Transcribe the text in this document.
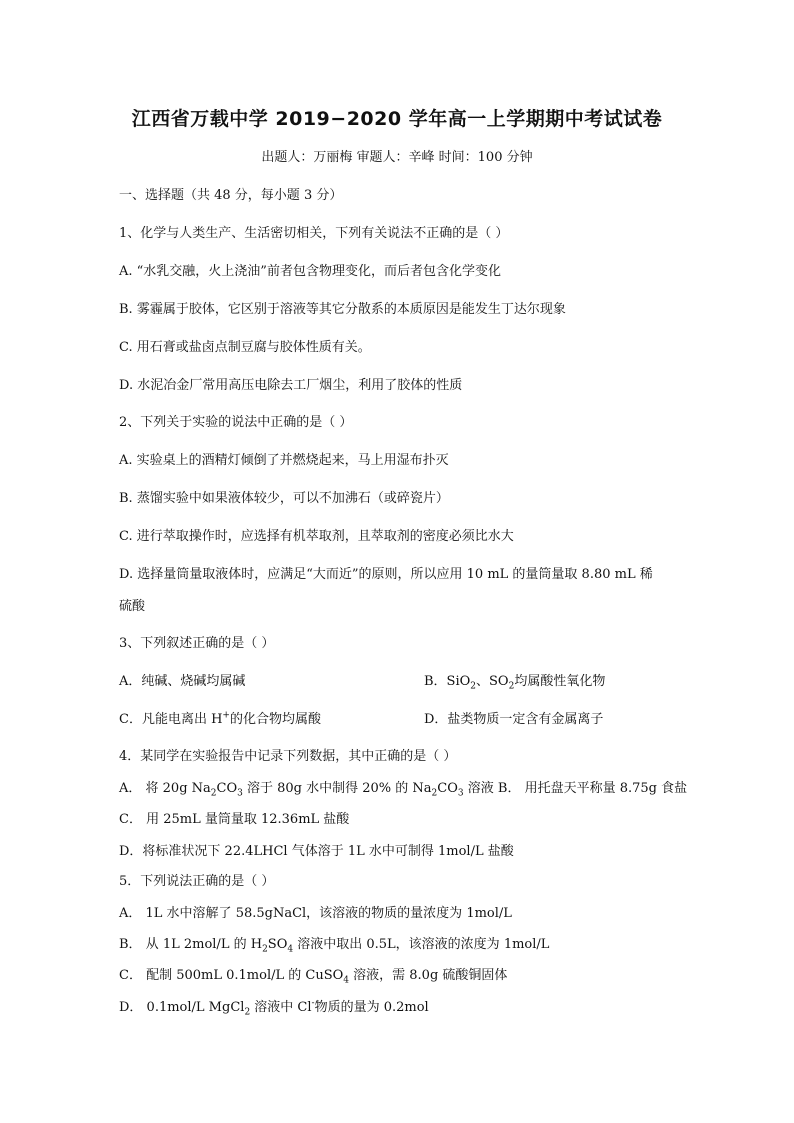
江西省万载中学 2019−2020 学年高一上学期期中考试试卷
出题人：万丽梅 审题人：辛峰 时间：100 分钟
一、选择题（共 48 分，每小题 3 分）
1、化学与人类生产、生活密切相关，下列有关说法不正确的是（ ）
A. “水乳交融，火上浇油”前者包含物理变化，而后者包含化学变化
B. 雾霾属于胶体，它区别于溶液等其它分散系的本质原因是能发生丁达尔现象
C. 用石膏或盐卤点制豆腐与胶体性质有关。
D. 水泥冶金厂常用高压电除去工厂烟尘，利用了胶体的性质
2、下列关于实验的说法中正确的是（ ）
A. 实验桌上的酒精灯倾倒了并燃烧起来，马上用湿布扑灭
B. 蒸馏实验中如果液体较少，可以不加沸石（或碎瓷片）
C. 进行萃取操作时，应选择有机萃取剂，且萃取剂的密度必须比水大
D. 选择量筒量取液体时，应满足“大而近”的原则，所以应用 10 mL 的量筒量取 8.80 mL 稀
硫酸
3、下列叙述正确的是（ ）
A．纯碱、烧碱均属碱	B．SiO$_2$、$SO_2$均属酸性氧化物
C．凡能电离出 H+的化合物均属酸	D．盐类物质一定含有金属离子
4．某同学在实验报告中记录下列数据，其中正确的是（ ）
A． 将 20g $Na_2CO_3$ 溶于 80g 水中制得 20% 的 $Na_2CO_3$ 溶液 B． 用托盘天平称量 8.75g 食盐
C． 用 25mL 量筒量取 12.36mL 盐酸
D．将标准状况下 22.4LHCl 气体溶于 1L 水中可制得 1mol/L 盐酸
5．下列说法正确的是（ ）
A． 1L 水中溶解了 58.5gNaCl，该溶液的物质的量浓度为 1mol/L
B． 从 1L 2mol/L 的 $H_2SO_4$ 溶液中取出 0.5L，该溶液的浓度为 1mol/L
C． 配制 500mL 0.1mol/L 的 CuSO$_4$ 溶液，需 8.0g 硫酸铜固体
D． 0.1mol/L MgCl$_2$ 溶液中 Cl-物质的量为 0.2mol
